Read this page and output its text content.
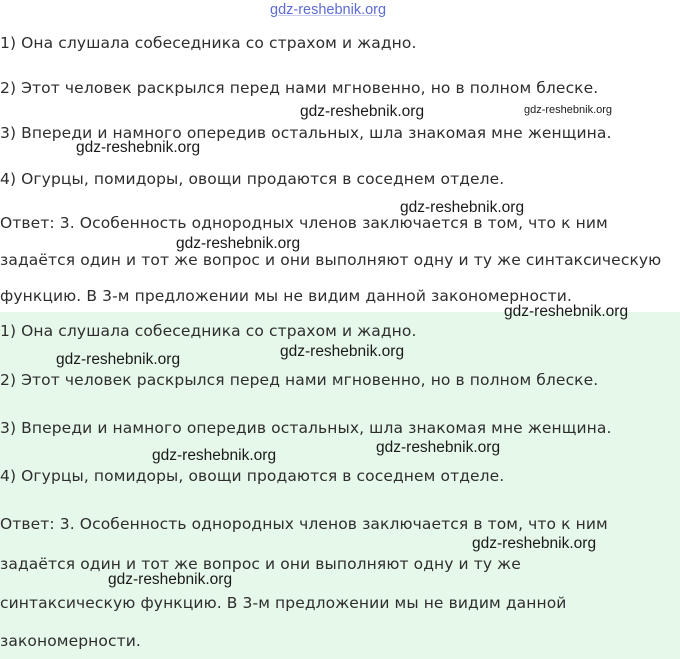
gdz-reshebnik.org

1) Она слушала собеседника со страхом и жадно.

2) Этот человек раскрылся перед нами мгновенно, но в полном блеске.

3) Впереди и намного опередив остальных, шла знакомая мне женщина.

4) Огурцы, помидоры, овощи продаются в соседнем отделе.

Ответ: 3. Особенность однородных членов заключается в том, что к ним

задаётся один и тот же вопрос и они выполняют одну и ту же синтаксическую

функцию. В 3-м предложении мы не видим данной закономерности.

1) Она слушала собеседника со страхом и жадно.

2) Этот человек раскрылся перед нами мгновенно, но в полном блеске.

3) Впереди и намного опередив остальных, шла знакомая мне женщина.

4) Огурцы, помидоры, овощи продаются в соседнем отделе.

Ответ: 3. Особенность однородных членов заключается в том, что к ним

задаётся один и тот же вопрос и они выполняют одну и ту же

синтаксическую функцию. В 3-м предложении мы не видим данной

закономерности.

gdz-reshebnik.org	gdz-reshebnik.org
gdz-reshebnik.org
gdz-reshebnik.org
gdz-reshebnik.org
gdz-reshebnik.org
gdz-reshebnik.org	gdz-reshebnik.org
gdz-reshebnik.org
gdz-reshebnik.org
gdz-reshebnik.org
gdz-reshebnik.org
